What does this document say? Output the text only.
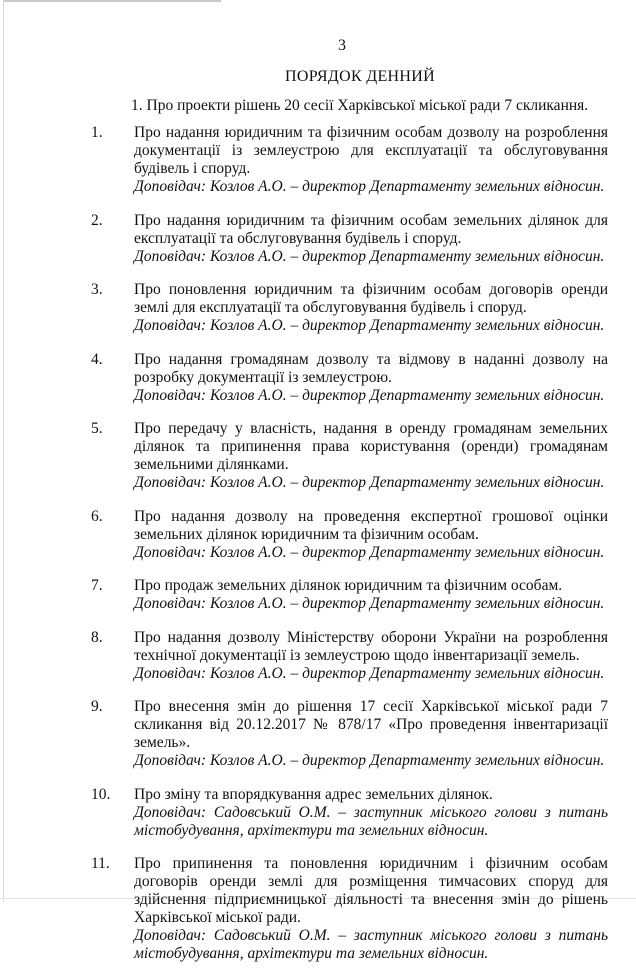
3
ПОРЯДОК ДЕННИЙ
1. Про проекти рішень 20 сесії Харківської міської ради 7 скликання.
1. Про надання юридичним та фізичним особам дозволу на розроблення документації із землеустрою для експлуатації та обслуговування будівель і споруд.
Доповідач: Козлов А.О. – директор Департаменту земельних відносин.
2. Про надання юридичним та фізичним особам земельних ділянок для експлуатації та обслуговування будівель і споруд.
Доповідач: Козлов А.О. – директор Департаменту земельних відносин.
3. Про поновлення юридичним та фізичним особам договорів оренди землі для експлуатації та обслуговування будівель і споруд.
Доповідач: Козлов А.О. – директор Департаменту земельних відносин.
4. Про надання громадянам дозволу та відмову в наданні дозволу на розробку документації із землеустрою.
Доповідач: Козлов А.О. – директор Департаменту земельних відносин.
5. Про передачу у власність, надання в оренду громадянам земельних ділянок та припинення права користування (оренди) громадянам земельними ділянками.
Доповідач: Козлов А.О. – директор Департаменту земельних відносин.
6. Про надання дозволу на проведення експертної грошової оцінки земельних ділянок юридичним та фізичним особам.
Доповідач: Козлов А.О. – директор Департаменту земельних відносин.
7. Про продаж земельних ділянок юридичним та фізичним особам.
Доповідач: Козлов А.О. – директор Департаменту земельних відносин.
8. Про надання дозволу Міністерству оборони України на розроблення технічної документації із землеустрою щодо інвентаризації земель.
Доповідач: Козлов А.О. – директор Департаменту земельних відносин.
9. Про внесення змін до рішення 17 сесії Харківської міської ради 7 скликання від 20.12.2017 № 878/17 «Про проведення інвентаризації земель».
Доповідач: Козлов А.О. – директор Департаменту земельних відносин.
10. Про зміну та впорядкування адрес земельних ділянок.
Доповідач: Садовський О.М. – заступник міського голови з питань містобудування, архітектури та земельних відносин.
11. Про припинення та поновлення юридичним і фізичним особам договорів оренди землі для розміщення тимчасових споруд для здійснення підприємницької діяльності та внесення змін до рішень Харківської міської ради.
Доповідач: Садовський О.М. – заступник міського голови з питань містобудування, архітектури та земельних відносин.
